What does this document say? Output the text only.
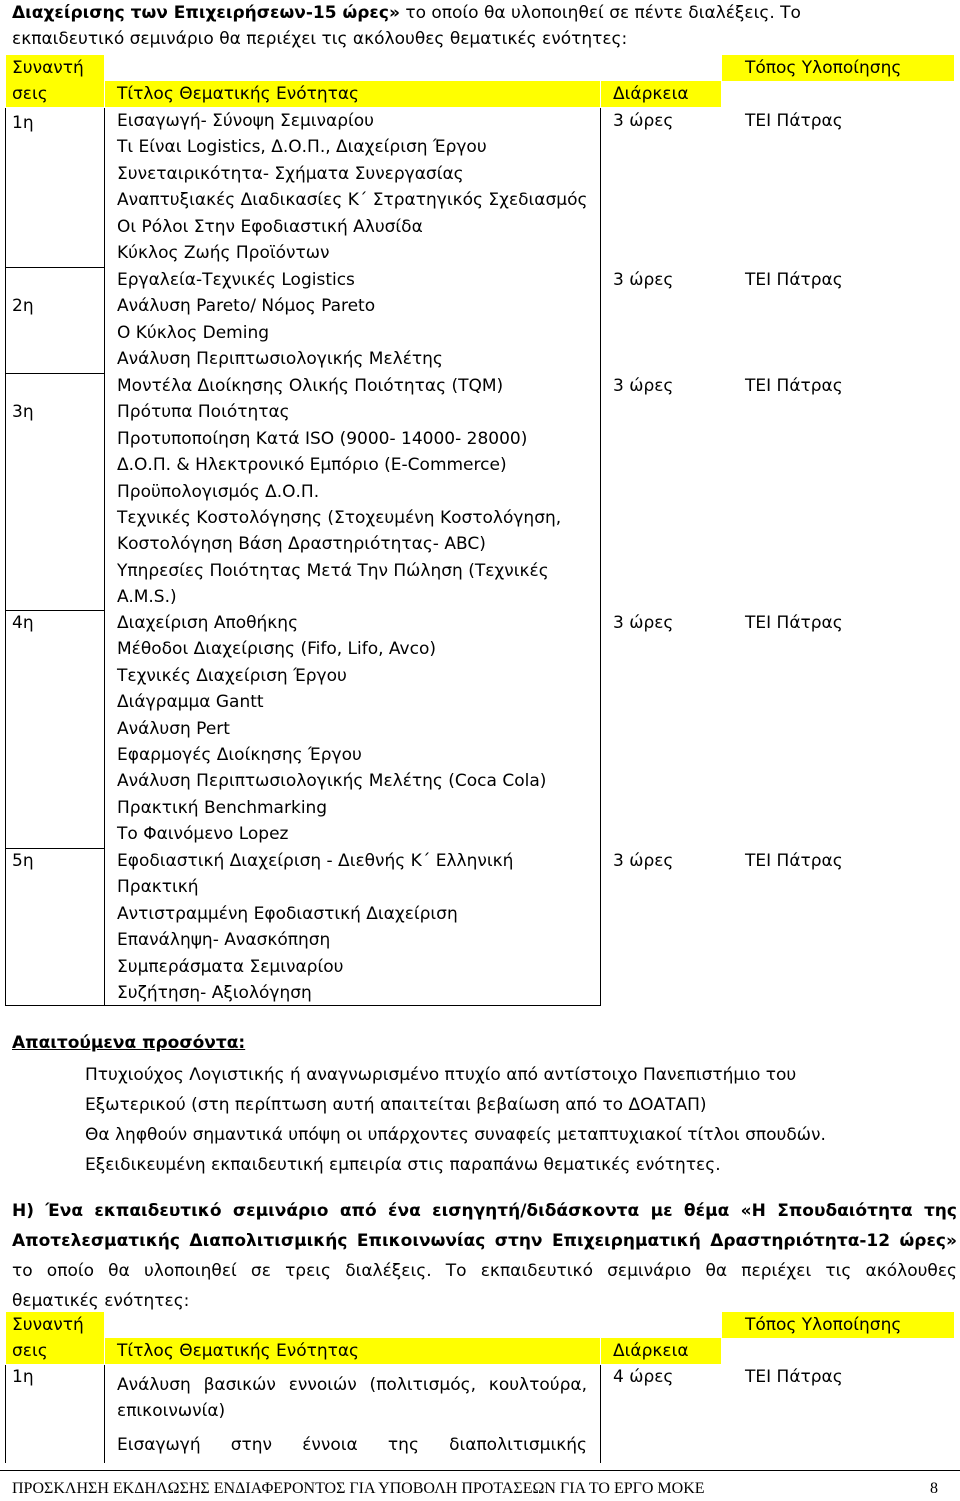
Διαχείρισης των Επιχειρήσεων-15 ώρες» το οποίο θα υλοποιηθεί σε πέντε διαλέξεις. Το
εκπαιδευτικό σεμινάριο θα περιέχει τις ακόλουθες θεματικές ενότητες:
Συναντή
σεις	Τίτλος Θεματικής Ενότητας	Διάρκεια
Τόπος Υλοποίησης
1η	Εισαγωγή- Σύνοψη Σεμιναρίου
Τι Είναι Logistics, Δ.Ο.Π., Διαχείριση Έργου
Συνεταιρικότητα- Σχήματα Συνεργασίας
Αναπτυξιακές Διαδικασίες Κ΄ Στρατηγικός Σχεδιασμός
Οι Ρόλοι Στην Εφοδιαστική Αλυσίδα
Κύκλος Ζωής Προϊόντων
3 ώρες	ΤΕΙ Πάτρας
2η
Εργαλεία-Τεχνικές Logistics
Ανάλυση Pareto/ Νόμος Pareto
Ο Κύκλος Deming
Ανάλυση Περιπτωσιολογικής Μελέτης
3 ώρες	ΤΕΙ Πάτρας
3η
Μοντέλα Διοίκησης Ολικής Ποιότητας (TQM)
Πρότυπα Ποιότητας
Προτυποποίηση Κατά ISO (9000- 14000- 28000)
Δ.Ο.Π. & Ηλεκτρονικό Εμπόριο (E-Commerce)
Προϋπολογισμός Δ.Ο.Π.
Τεχνικές Κοστολόγησης (Στοχευμένη Κοστολόγηση,
Κοστολόγηση Βάση Δραστηριότητας- ABC)
Υπηρεσίες Ποιότητας Μετά Την Πώληση (Τεχνικές
A.M.S.)
3 ώρες	ΤΕΙ Πάτρας
4η	Διαχείριση Αποθήκης
Μέθοδοι Διαχείρισης (Fifo, Lifo, Avco)
Τεχνικές Διαχείριση Έργου
Διάγραμμα Gantt
Ανάλυση Pert
Εφαρμογές Διοίκησης Έργου
Ανάλυση Περιπτωσιολογικής Μελέτης (Coca Cola)
Πρακτική Benchmarking
Το Φαινόμενο Lopez
3 ώρες	ΤΕΙ Πάτρας
5η	Εφοδιαστική Διαχείριση - Διεθνής Κ΄ Ελληνική
Πρακτική
Αντιστραμμένη Εφοδιαστική Διαχείριση
Επανάληψη- Ανασκόπηση
Συμπεράσματα Σεμιναρίου
Συζήτηση- Αξιολόγηση
3 ώρες	ΤΕΙ Πάτρας
Απαιτούμενα προσόντα:
Πτυχιούχος Λογιστικής ή αναγνωρισμένο πτυχίο από αντίστοιχο Πανεπιστήμιο του
Εξωτερικού (στη περίπτωση αυτή απαιτείται βεβαίωση από το ΔΟΑΤΑΠ)
Θα ληφθούν σημαντικά υπόψη οι υπάρχοντες συναφείς μεταπτυχιακοί τίτλοι σπουδών.
Εξειδικευμένη εκπαιδευτική εμπειρία στις παραπάνω θεματικές ενότητες.
Η) Ένα εκπαιδευτικό σεμινάριο από ένα εισηγητή/διδάσκοντα με θέμα «Η Σπουδαιότητα της
Αποτελεσματικής Διαπολιτισμικής Επικοινωνίας στην Επιχειρηματική Δραστηριότητα-12 ώρες»
το οποίο θα υλοποιηθεί σε τρεις διαλέξεις. Το εκπαιδευτικό σεμινάριο θα περιέχει τις ακόλουθες
θεματικές ενότητες:
Συναντή
σεις	Τίτλος Θεματικής Ενότητας	Διάρκεια
Τόπος Υλοποίησης
1η	Ανάλυση βασικών εννοιών (πολιτισμός, κουλτούρα,
επικοινωνία)
Εισαγωγή στην έννοια της διαπολιτισμικής
4 ώρες	ΤΕΙ Πάτρας
ΠΡΟΣΚΛΗΣΗ ΕΚΔΗΛΩΣΗΣ ΕΝΔΙΑΦΕΡΟΝΤΟΣ ΓΙΑ ΥΠΟΒΟΛΗ ΠΡΟΤΑΣΕΩΝ ΓΙΑ ΤΟ ΕΡΓΟ ΜΟΚΕ	8
